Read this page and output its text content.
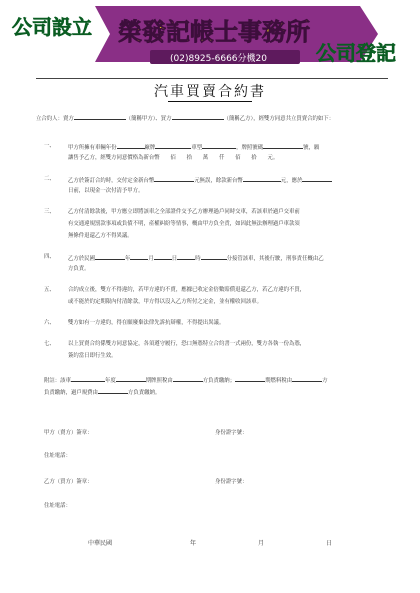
公司設立 榮發記帳士事務所
(02)8925-6666分機20 公司登記
汽車買賣合約書
立合約人：賣方	（簡稱甲方）、買方	（簡稱乙方），經雙方同意共立買賣合約如下：
一、 甲方所擁有車輛年份	廠牌	車型	，牌照號碼	號，願
讓售予乙方，經雙方同意價格為新台幣　　佰　　拾　　萬　　仟　　佰　　拾　　元。
二、 乙方於簽訂合約時，交付定金新台幣	元無誤，餘款新台幣	元，應於
日前，以現金一次付清予甲方。
三、 乙方付清餘款後，甲方應立即將該車之全部證件交予乙方辦理過戶同時交車，若該車於過戶交車前
有交通違規罰款事項或負債不明，產權糾紛等情事，概由甲方負全責，如因此無法辦理過戶車款須
無條件退還乙方不得異議。
四、 乙方於民國	年	月	日	時	分接管該車，其後行駛，刑事責任概由乙
方負責。
五、 合約成立後，雙方不得違約，若甲方違約不賣，應據已收定金倍數賠償退還乙方，若乙方違約不買，
或不能於約定期限內付清餘款，甲方得以沒入乙方所付之定金，並有權收回該車。
六、 雙方如有一方違約，得在願廢棄法律先訴抗辯權，不得提出異議。
七、 以上買賣合約係雙方同意協定，各須遵守履行，恐口無憑特立合約書一式兩份，雙方各執一份為憑，
簽約當日即行生效。
附註：該車	年度	期牌照稅由	方負責繳納；	期燃料稅由	方
負責繳納，過戶規費由	方負責繳納。
甲方（賣方）簽章：	身份證字號：
住址電話：
乙方（買方）簽章：	身份證字號：
住址電話：
中華民國	年	月	日
